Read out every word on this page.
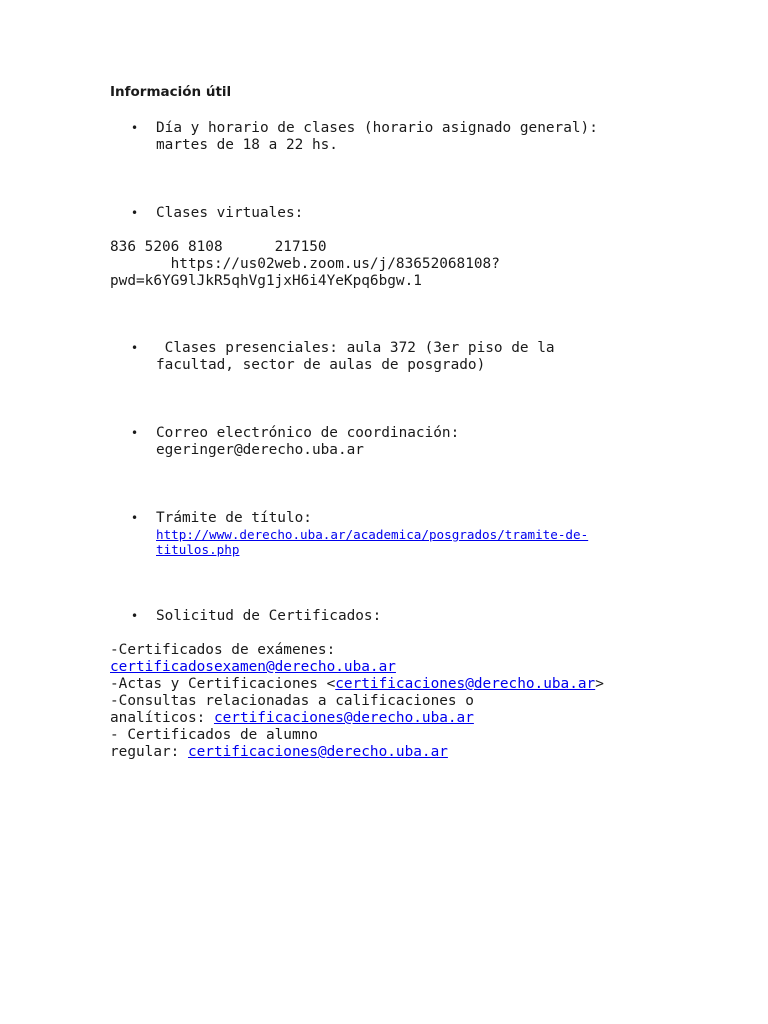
Información útil
• Día y horario de clases (horario asignado general):
martes de 18 a 22 hs.
• Clases virtuales:
836 5206 8108      217150
https://us02web.zoom.us/j/83652068108?
pwd=k6YG9lJkR5qhVg1jxH6i4YeKpq6bgw.1
• Clases presenciales: aula 372 (3er piso de la
facultad, sector de aulas de posgrado)
• Correo electrónico de coordinación:
egeringer@derecho.uba.ar
• Trámite de título:
http://www.derecho.uba.ar/academica/posgrados/tramite-de-
titulos.php
• Solicitud de Certificados:
-Certificados de exámenes:
certificadosexamen@derecho.uba.ar
-Actas y Certificaciones <certificaciones@derecho.uba.ar>
-Consultas relacionadas a calificaciones o
analíticos: certificaciones@derecho.uba.ar
- Certificados de alumno
regular: certificaciones@derecho.uba.ar
